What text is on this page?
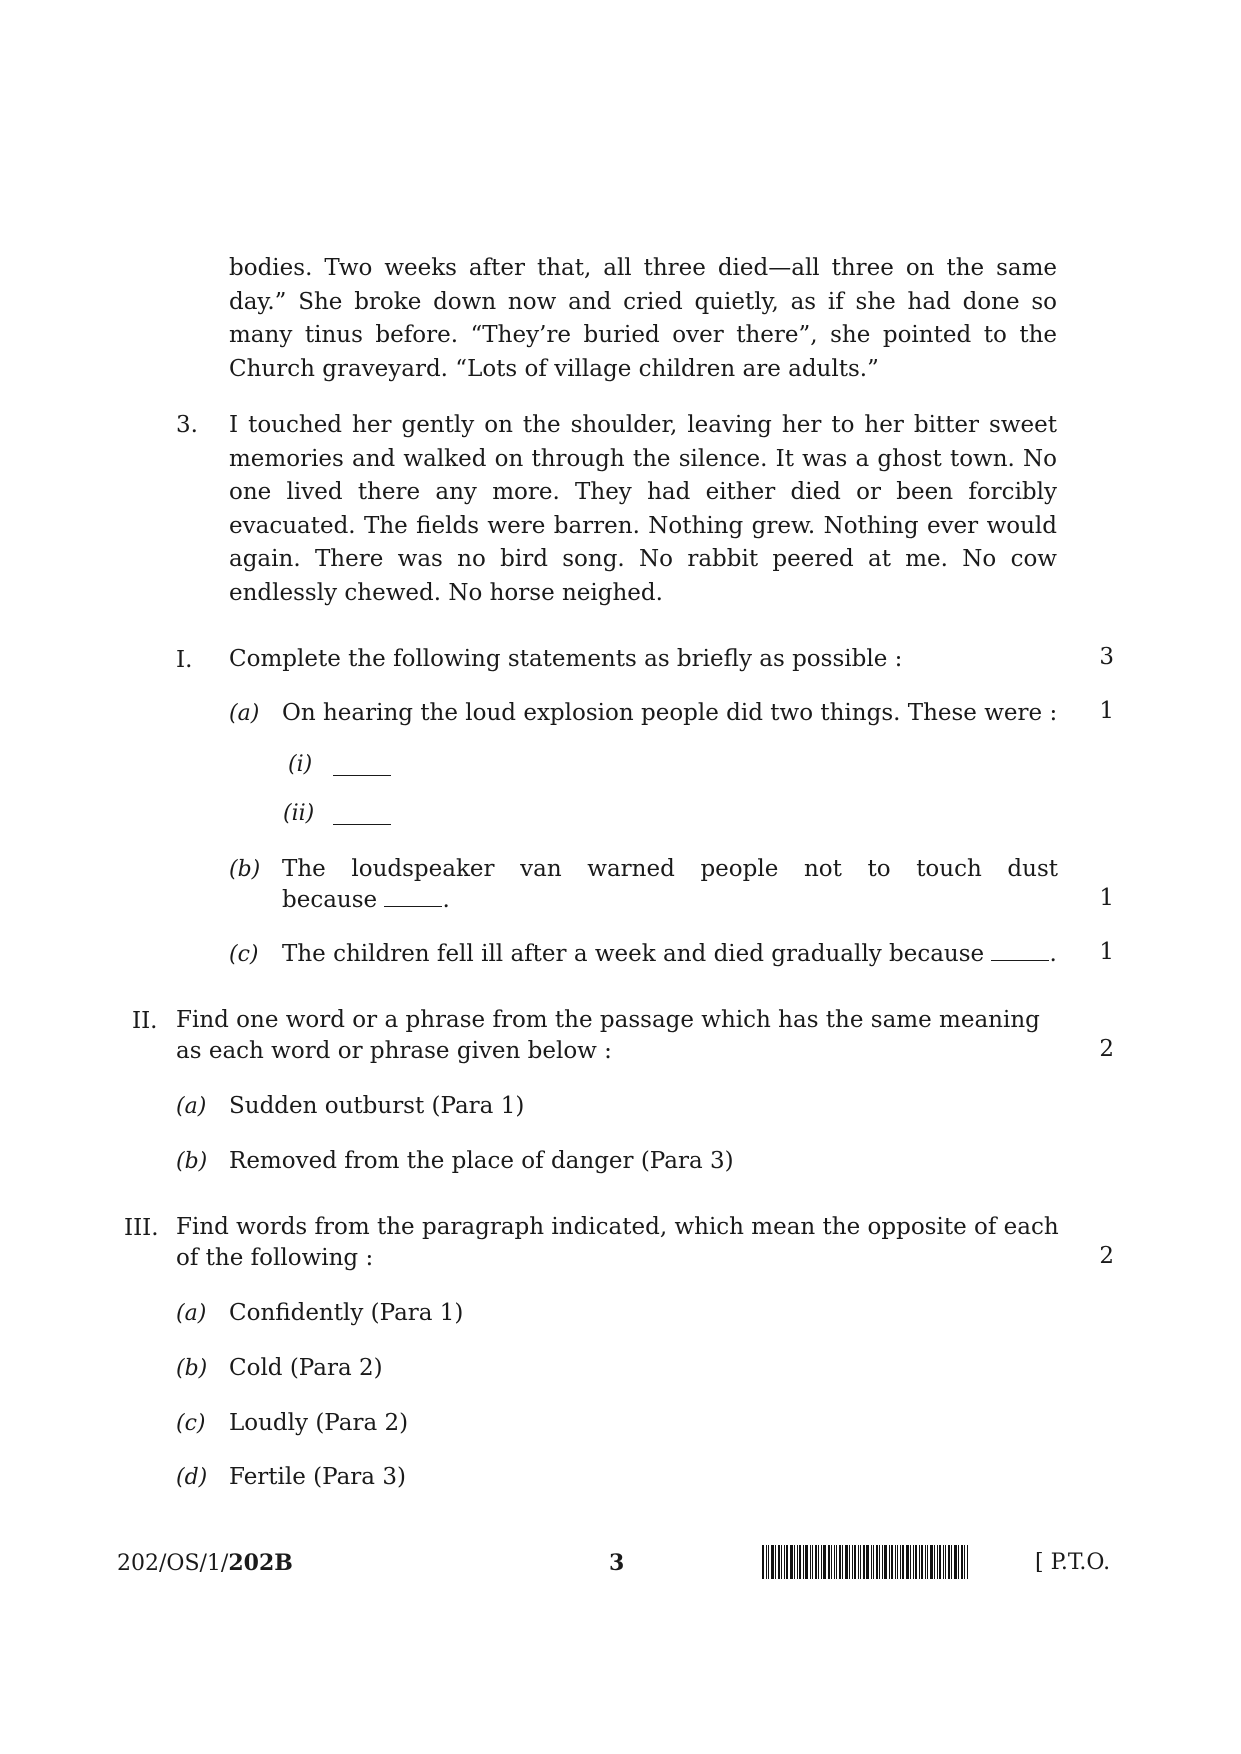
bodies. Two weeks after that, all three died—all three on the same day.” She broke down now and cried quietly, as if she had done so many tinus before. “They’re buried over there”, she pointed to the Church graveyard. “Lots of village children are adults.”
3. I touched her gently on the shoulder, leaving her to her bitter sweet memories and walked on through the silence. It was a ghost town. No one lived there any more. They had either died or been forcibly evacuated. The fields were barren. Nothing grew. Nothing ever would again. There was no bird song. No rabbit peered at me. No cow endlessly chewed. No horse neighed.
I. Complete the following statements as briefly as possible :	3
(a) On hearing the loud explosion people did two things. These were :	1
(i)
(ii)
(b) The loudspeaker van warned people not to touch dust
because	.	1
(c) The children fell ill after a week and died gradually because	.	1
II. Find one word or a phrase from the passage which has the same meaning
as each word or phrase given below :	2
(a) Sudden outburst (Para 1)
(b) Removed from the place of danger (Para 3)
III. Find words from the paragraph indicated, which mean the opposite of each
of the following :	2
(a) Confidently (Para 1)
(b) Cold (Para 2)
(c) Loudly (Para 2)
(d) Fertile (Para 3)
202/OS/1/202B	3	[ P.T.O.
